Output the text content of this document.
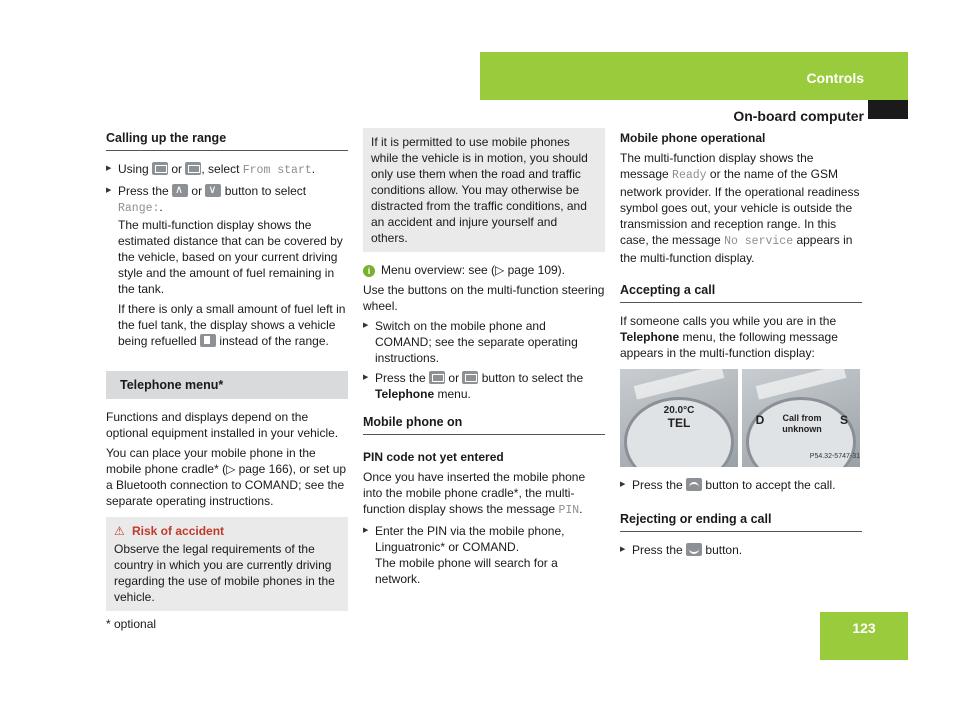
Controls
On-board computer
Calling up the range
▶ Using or , select From start.
▶ Press the ∧ or ∨ button to select Range:.

The multi-function display shows the estimated distance that can be covered by the vehicle, based on your current driving style and the amount of fuel remaining in the tank.

If there is only a small amount of fuel left in the fuel tank, the display shows a vehicle being refuelled instead of the range.

Telephone menu*

Functions and displays depend on the optional equipment installed in your vehicle.

You can place your mobile phone in the mobile phone cradle* (▷ page 166), or set up a Bluetooth connection to COMAND; see the separate operating instructions.

⚠ Risk of accident
Observe the legal requirements of the country in which you are currently driving regarding the use of mobile phones in the vehicle.
If it is permitted to use mobile phones while the vehicle is in motion, you should only use them when the road and traffic conditions allow. You may otherwise be distracted from the traffic conditions, and an accident and injure yourself and others.

i Menu overview: see (▷ page 109).

Use the buttons on the multi-function steering wheel.

▶ Switch on the mobile phone and COMAND; see the separate operating instructions.
▶ Press the or button to select the Telephone menu.
Mobile phone on
PIN code not yet entered

Once you have inserted the mobile phone into the mobile phone cradle*, the multi-function display shows the message PIN.

▶ Enter the PIN via the mobile phone, Linguatronic* or COMAND.

The mobile phone will search for a network.

Mobile phone operational

The multi-function display shows the message Ready or the name of the GSM network provider. If the operational readiness symbol goes out, your vehicle is outside the transmission and reception range. In this case, the message No service appears in the multi-function display.

Accepting a call

If someone calls you while you are in the Telephone menu, the following message appears in the multi-function display:

20.0°C
TEL	D	S
Call from
unknown
P54.32-5747-31
▶ Press the button to accept the call.
Rejecting or ending a call
▶ Press the button.
* optional	123
